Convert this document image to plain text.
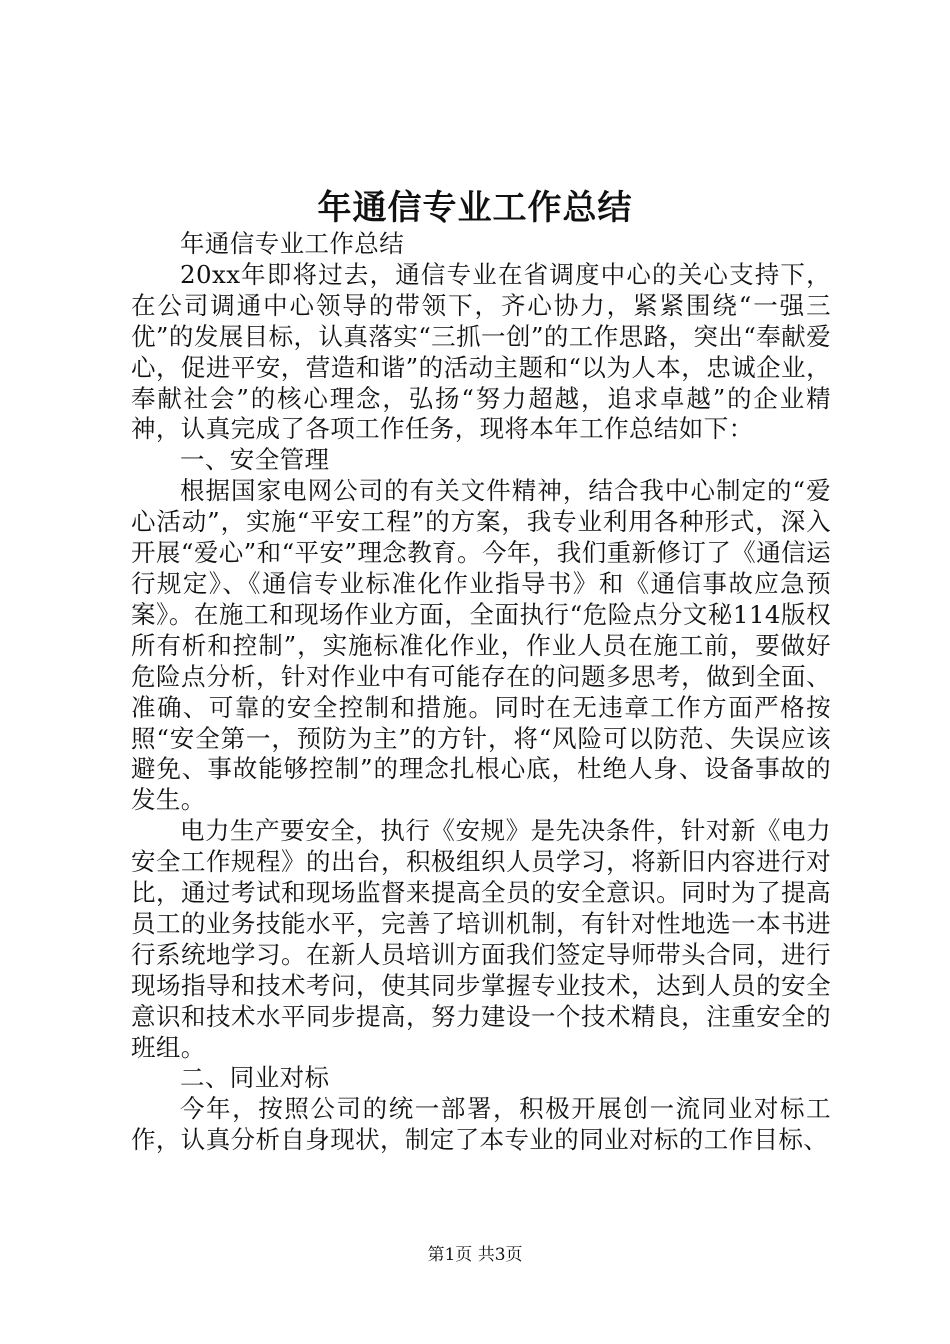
年通信专业工作总结

年通信专业工作总结

20xx年即将过去，通信专业在省调度中心的关心支持下，在公司调通中心领导的带领下，齐心协力，紧紧围绕“一强三优”的发展目标，认真落实“三抓一创”的工作思路，突出“奉献爱心，促进平安，营造和谐”的活动主题和“以为人本，忠诚企业，奉献社会”的核心理念，弘扬“努力超越，追求卓越”的企业精神，认真完成了各项工作任务，现将本年工作总结如下：

一、安全管理

根据国家电网公司的有关文件精神，结合我中心制定的“爱心活动”，实施“平安工程”的方案，我专业利用各种形式，深入开展“爱心”和“平安”理念教育。今年，我们重新修订了《通信运行规定》、《通信专业标准化作业指导书》和《通信事故应急预案》。在施工和现场作业方面，全面执行“危险点分文秘114版权所有析和控制”，实施标准化作业，作业人员在施工前，要做好危险点分析，针对作业中有可能存在的问题多思考，做到全面、准确、可靠的安全控制和措施。同时在无违章工作方面严格按照“安全第一，预防为主”的方针，将“风险可以防范、失误应该避免、事故能够控制”的理念扎根心底，杜绝人身、设备事故的发生。

电力生产要安全，执行《安规》是先决条件，针对新《电力安全工作规程》的出台，积极组织人员学习，将新旧内容进行对比，通过考试和现场监督来提高全员的安全意识。同时为了提高员工的业务技能水平，完善了培训机制，有针对性地选一本书进行系统地学习。在新人员培训方面我们签定导师带头合同，进行现场指导和技术考问，使其同步掌握专业技术，达到人员的安全意识和技术水平同步提高，努力建设一个技术精良，注重安全的班组。

二、同业对标

今年，按照公司的统一部署，积极开展创一流同业对标工作，认真分析自身现状，制定了本专业的同业对标的工作目标、

第1页 共3页
